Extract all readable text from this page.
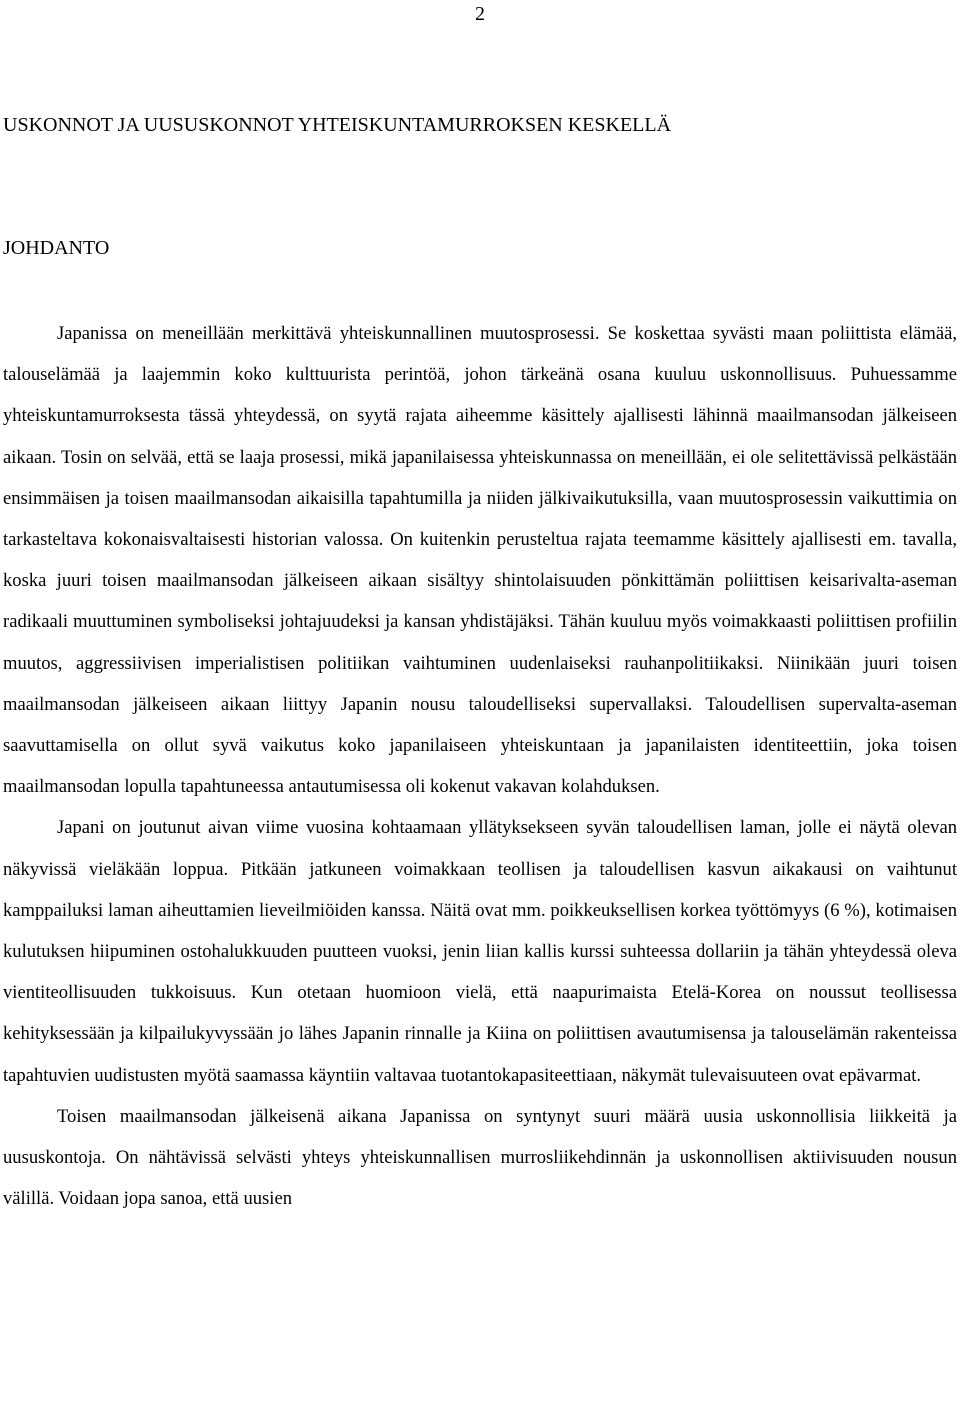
2
USKONNOT JA UUSUSKONNOT YHTEISKUNTAMURROKSEN KESKELLÄ
JOHDANTO

Japanissa on meneillään merkittävä yhteiskunnallinen muutosprosessi. Se koskettaa syvästi maan poliittista elämää, talouselämää ja laajemmin koko kulttuurista perintöä, johon tärkeänä osana kuuluu uskonnollisuus. Puhuessamme yhteiskuntamurroksesta tässä yhteydessä, on syytä rajata aiheemme käsittely ajallisesti lähinnä maailmansodan jälkeiseen aikaan. Tosin on selvää, että se laaja prosessi, mikä japanilaisessa yhteiskunnassa on meneillään, ei ole selitettävissä pelkästään ensimmäisen ja toisen maailmansodan aikaisilla tapahtumilla ja niiden jälkivaikutuksilla, vaan muutosprosessin vaikuttimia on tarkasteltava kokonaisvaltaisesti historian valossa. On kuitenkin perusteltua rajata teemamme käsittely ajallisesti em. tavalla, koska juuri toisen maailmansodan jälkeiseen aikaan sisältyy shintolaisuuden pönkittämän poliittisen keisarivalta-aseman radikaali muuttuminen symboliseksi johtajuudeksi ja kansan yhdistäjäksi. Tähän kuuluu myös voimakkaasti poliittisen profiilin muutos, aggressiivisen imperialistisen politiikan vaihtuminen uudenlaiseksi rauhanpolitiikaksi. Niinikään juuri toisen maailmansodan jälkeiseen aikaan liittyy Japanin nousu taloudelliseksi supervallaksi. Taloudellisen supervalta-aseman saavuttamisella on ollut syvä vaikutus koko japanilaiseen yhteiskuntaan ja japanilaisten identiteettiin, joka toisen maailmansodan lopulla tapahtuneessa antautumisessa oli kokenut vakavan kolahduksen.

Japani on joutunut aivan viime vuosina kohtaamaan yllätyksekseen syvän taloudellisen laman, jolle ei näytä olevan näkyvissä vieläkään loppua. Pitkään jatkuneen voimakkaan teollisen ja taloudellisen kasvun aikakausi on vaihtunut kamppailuksi laman aiheuttamien lieveilmiöiden kanssa. Näitä ovat mm. poikkeuksellisen korkea työttömyys (6 %), kotimaisen kulutuksen hiipuminen ostohalukkuuden puutteen vuoksi, jenin liian kallis kurssi suhteessa dollariin ja tähän yhteydessä oleva vientiteollisuuden tukkoisuus. Kun otetaan huomioon vielä, että naapurimaista Etelä-Korea on noussut teollisessa kehityksessään ja kilpailukyvyssään jo lähes Japanin rinnalle ja Kiina on poliittisen avautumisensa ja talouselämän rakenteissa tapahtuvien uudistusten myötä saamassa käyntiin valtavaa tuotantokapasiteettiaan, näkymät tulevaisuuteen ovat epävarmat.

Toisen maailmansodan jälkeisenä aikana Japanissa on syntynyt suuri määrä uusia uskonnollisia liikkeitä ja uususkontoja. On nähtävissä selvästi yhteys yhteiskunnallisen murrosliikehdinnän ja uskonnollisen aktiivisuuden nousun välillä. Voidaan jopa sanoa, että uusien
